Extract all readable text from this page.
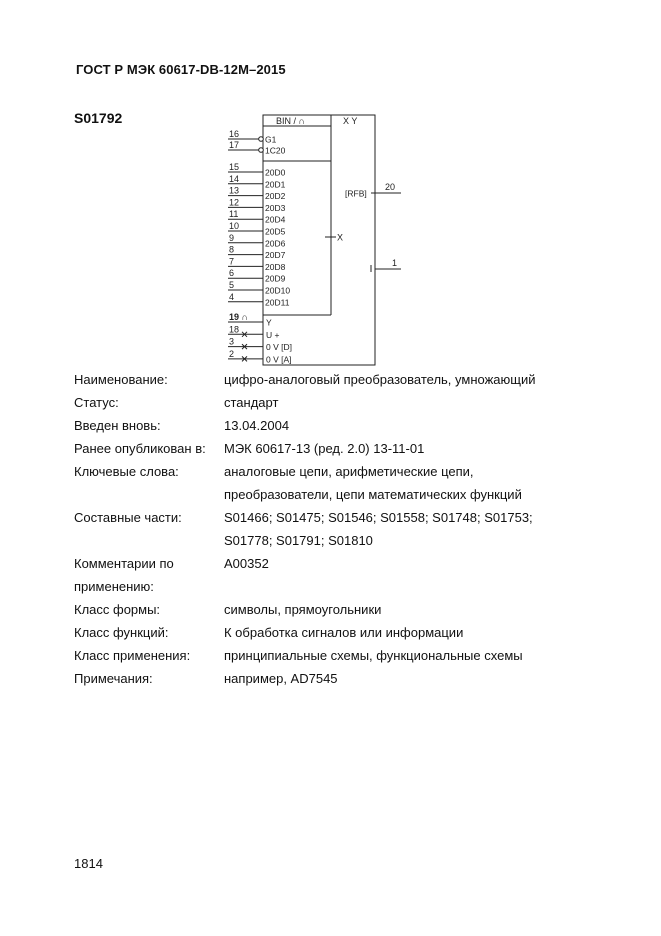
ГОСТ Р МЭК 60617-DB-12M–2015
S01792	BIN / ∩	X Y
16
G1
17
1C20
15
20D0
14
20D1
13
20D2
12
20D3
11
20D4
10
20D5
9
20D6
8
20D7
7
20D8
6
20D9
5
20D10
4
20D11
19 ∩
Y
18
U +
3
0 V [D]
2
0 V [A]
X
[RFB]
20
1
Наименование:	цифро-аналоговый преобразователь, умножающий
Статус:	стандарт
Введен вновь:	13.04.2004
Ранее опубликован в:	МЭК 60617-13 (ред. 2.0) 13-11-01
Ключевые слова:	аналоговые цепи, арифметические цепи,
преобразователи, цепи математических функций
Составные части:	S01466; S01475; S01546; S01558; S01748; S01753;
S01778; S01791; S01810
Комментарии по
применению:
A00352
Класс формы:	символы, прямоугольники
Класс функций:	К обработка сигналов или информации
Класс применения:	принципиальные схемы, функциональные схемы
Примечания:	например, AD7545
1814
